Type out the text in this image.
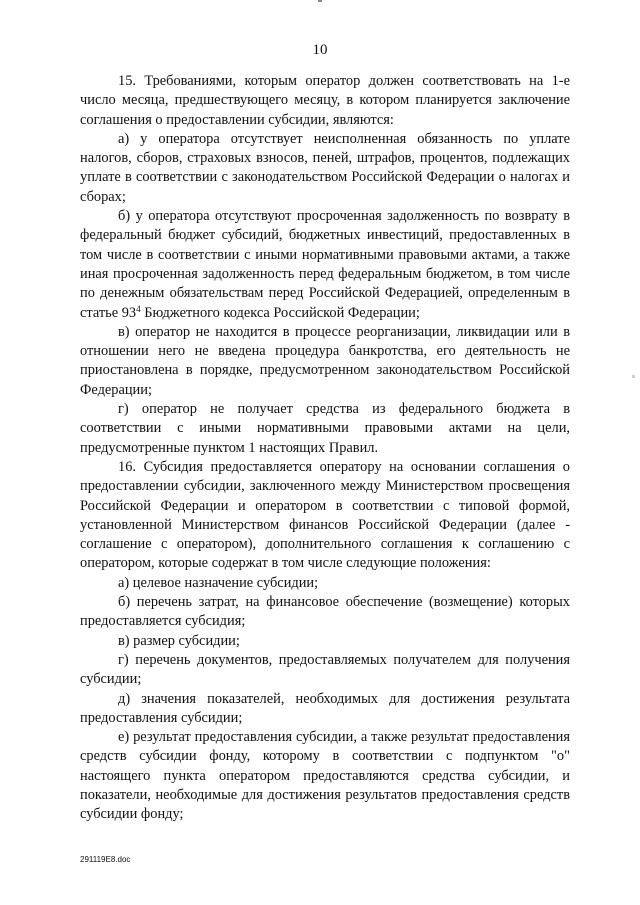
10

15. Требованиями, которым оператор должен соответствовать на 1-е число месяца, предшествующего месяцу, в котором планируется заключение соглашения о предоставлении субсидии, являются:

а) у оператора отсутствует неисполненная обязанность по уплате налогов, сборов, страховых взносов, пеней, штрафов, процентов, подлежащих уплате в соответствии с законодательством Российской Федерации о налогах и сборах;

б) у оператора отсутствуют просроченная задолженность по возврату в федеральный бюджет субсидий, бюджетных инвестиций, предоставленных в том числе в соответствии с иными нормативными правовыми актами, а также иная просроченная задолженность перед федеральным бюджетом, в том числе по денежным обязательствам перед Российской Федерацией, определенным в статье $93^4$ Бюджетного кодекса Российской Федерации;

в) оператор не находится в процессе реорганизации, ликвидации или в отношении него не введена процедура банкротства, его деятельность не приостановлена в порядке, предусмотренном законодательством Российской Федерации;

г) оператор не получает средства из федерального бюджета в соответствии с иными нормативными правовыми актами на цели, предусмотренные пунктом 1 настоящих Правил.

16. Субсидия предоставляется оператору на основании соглашения о предоставлении субсидии, заключенного между Министерством просвещения Российской Федерации и оператором в соответствии с типовой формой, установленной Министерством финансов Российской Федерации (далее - соглашение с оператором), дополнительного соглашения к соглашению с оператором, которые содержат в том числе следующие положения:

а) целевое назначение субсидии;

б) перечень затрат, на финансовое обеспечение (возмещение) которых предоставляется субсидия;

в) размер субсидии;

г) перечень документов, предоставляемых получателем для получения субсидии;

д) значения показателей, необходимых для достижения результата предоставления субсидии;

е) результат предоставления субсидии, а также результат предоставления средств субсидии фонду, которому в соответствии с подпунктом "о" настоящего пункта оператором предоставляются средства субсидии, и показатели, необходимые для достижения результатов предоставления средств субсидии фонду;

291119E8.doc
